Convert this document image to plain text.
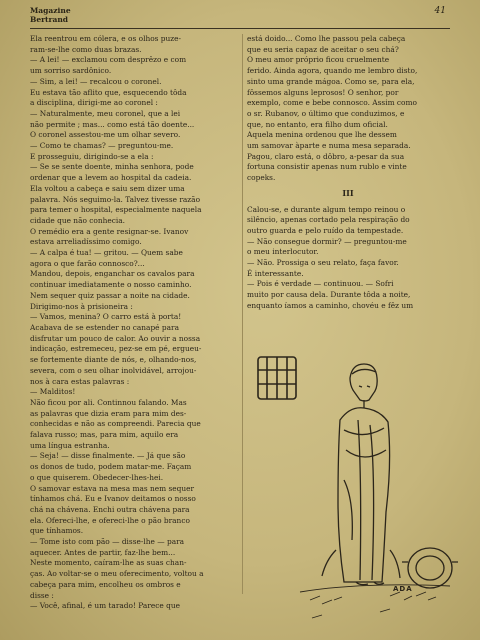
Magazine
Bertrand
41

Ela reentrou em cólera, e os olhos puze-

ram-se-lhe como duas brazas.

— A lei! — exclamou com desprêzo e com

um sorriso sardônico.

— Sim, a lei! — recalcou o coronel.

Eu estava tão aflito que, esquecendo tôda

a disciplina, dirigi-me ao coronel :

— Naturalmente, meu coronel, que a lei

não permite ; mas... como está tão doente...

O coronel assestou-me um olhar severo.

— Como te chamas? — preguntou-me.

E prosseguiu, dirigindo-se a ela :

— Se se sente doente, minha senhora, pode

ordenar que a levem ao hospital da cadeia.

Ela voltou a cabeça e saiu sem dizer uma

palavra. Nós seguimo-la. Talvez tivesse razão

para temer o hospital, especialmente naquela

cidade que não conhecia.

O remédio era a gente resignar-se. Ivanov

estava arreliadíssimo comigo.

— A calpa é tua! — gritou. — Quem sabe

agora o que farão connosco?...

Mandou, depois, enganchar os cavalos para

continuar imediatamente o nosso caminho.

Nem sequer quiz passar a noite na cidade.

Dirigimo-nos à prisioneira :

— Vamos, menina? O carro está à porta!

Acabava de se estender no canapé para

disfrutar um pouco de calor. Ao ouvir a nossa

indicação, estremeceu, pez-se em pé, ergueu-

se fortemente diante de nós, e, olhando-nos,

severa, com o seu olhar inolvidável, arrojou-

nos à cara estas palavras :

— Malditos!

Não ficou por ali. Continnou falando. Mas

as palavras que dizia eram para mim des-

conhecidas e não as compreendi. Parecia que

falava russo; mas, para mim, aquilo era

uma língua estranha.

— Seja! — disse finalmente. — Já que são

os donos de tudo, podem matar-me. Façam

o que quiserem. Obedecer-lhes-hei.

O samovar estava na mesa mas nem sequer

tínhamos chá. Eu e Ivanov deitamos o nosso

chá na chávena. Enchi outra chávena para

ela. Ofereci-lhe, e ofereci-lhe o pão branco

que tínhamos.

— Tome isto com pão — disse-lhe — para

aquecer. Antes de partir, faz-lhe bem...

Neste momento, caíram-lhe as suas chan-

ças. Ao voltar-se o meu oferecimento, voltou a

cabeça para mim, encolheu os ombros e

disse :

— Você, afinal, é um tarado! Parece que

está doido... Como lhe passou pela cabeça

que eu seria capaz de aceitar o seu chá?

O meu amor próprio ficou cruelmente

ferido. Ainda agora, quando me lembro disto,

sinto uma grande mágoa. Como se, para ela,

fôssemos alguns leprosos! O senhor, por

exemplo, come e bebe connosco. Assim como

o sr. Rubanov, o último que conduzimos, e

que, no entanto, era filho dum oficial.

Aquela menina ordenou que lhe dessem

um samovar àparte e numa mesa separada.

Pagou, claro está, o dôbro, a-pesar da sua

fortuna consistir apenas num rublo e vinte

copeks.

III

Calou-se, e durante algum tempo reinou o

silêncio, apenas cortado pela respiração do

outro guarda e pelo ruído da tempestade.

— Não consegue dormir? — preguntou-me

o meu interlocutor.

— Não. Prossiga o seu relato, faça favor.

É interessante.

— Pois é verdade — continuou. — Sofri

muito por causa dela. Durante tôda a noite,

enquanto íamos a caminho, chovéu e fêz um

ADA
